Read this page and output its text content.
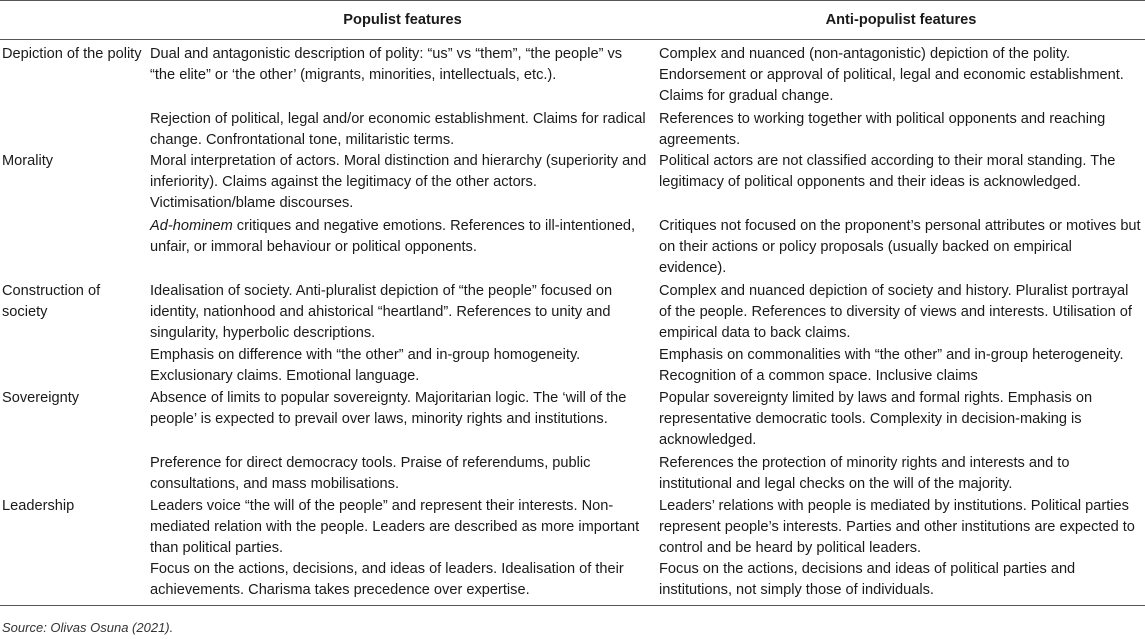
	Populist features	Anti-populist features
Depiction of the polity	Dual and antagonistic description of polity: “us” vs “them”, “the people” vs “the elite” or ‘the other’ (migrants, minorities, intellectuals, etc.).	Complex and nuanced (non-antagonistic) depiction of the polity. Endorsement or approval of political, legal and economic establishment. Claims for gradual change.
	Rejection of political, legal and/or economic establishment. Claims for radical change. Confrontational tone, militaristic terms.	References to working together with political opponents and reaching agreements.
Morality	Moral interpretation of actors. Moral distinction and hierarchy (superiority and inferiority). Claims against the legitimacy of the other actors. Victimisation/blame discourses.	Political actors are not classified according to their moral standing. The legitimacy of political opponents and their ideas is acknowledged.
	Ad-hominem critiques and negative emotions. References to ill-intentioned, unfair, or immoral behaviour or political opponents.	Critiques not focused on the proponent’s personal attributes or motives but on their actions or policy proposals (usually backed on empirical evidence).
Construction of society	Idealisation of society. Anti-pluralist depiction of “the people” focused on identity, nationhood and ahistorical “heartland”. References to unity and singularity, hyperbolic descriptions.	Complex and nuanced depiction of society and history. Pluralist portrayal of the people. References to diversity of views and interests. Utilisation of empirical data to back claims.
	Emphasis on difference with “the other” and in-group homogeneity. Exclusionary claims. Emotional language.	Emphasis on commonalities with “the other” and in-group heterogeneity. Recognition of a common space. Inclusive claims
Sovereignty	Absence of limits to popular sovereignty. Majoritarian logic. The ‘will of the people’ is expected to prevail over laws, minority rights and institutions.	Popular sovereignty limited by laws and formal rights. Emphasis on representative democratic tools. Complexity in decision-making is acknowledged.
	Preference for direct democracy tools. Praise of referendums, public consultations, and mass mobilisations.	References the protection of minority rights and interests and to institutional and legal checks on the will of the majority.
Leadership	Leaders voice “the will of the people” and represent their interests. Non-mediated relation with the people. Leaders are described as more important than political parties.	Leaders’ relations with people is mediated by institutions. Political parties represent people’s interests. Parties and other institutions are expected to control and be heard by political leaders.
	Focus on the actions, decisions, and ideas of leaders. Idealisation of their achievements. Charisma takes precedence over expertise.	Focus on the actions, decisions and ideas of political parties and institutions, not simply those of individuals.
Source: Olivas Osuna (2021).
